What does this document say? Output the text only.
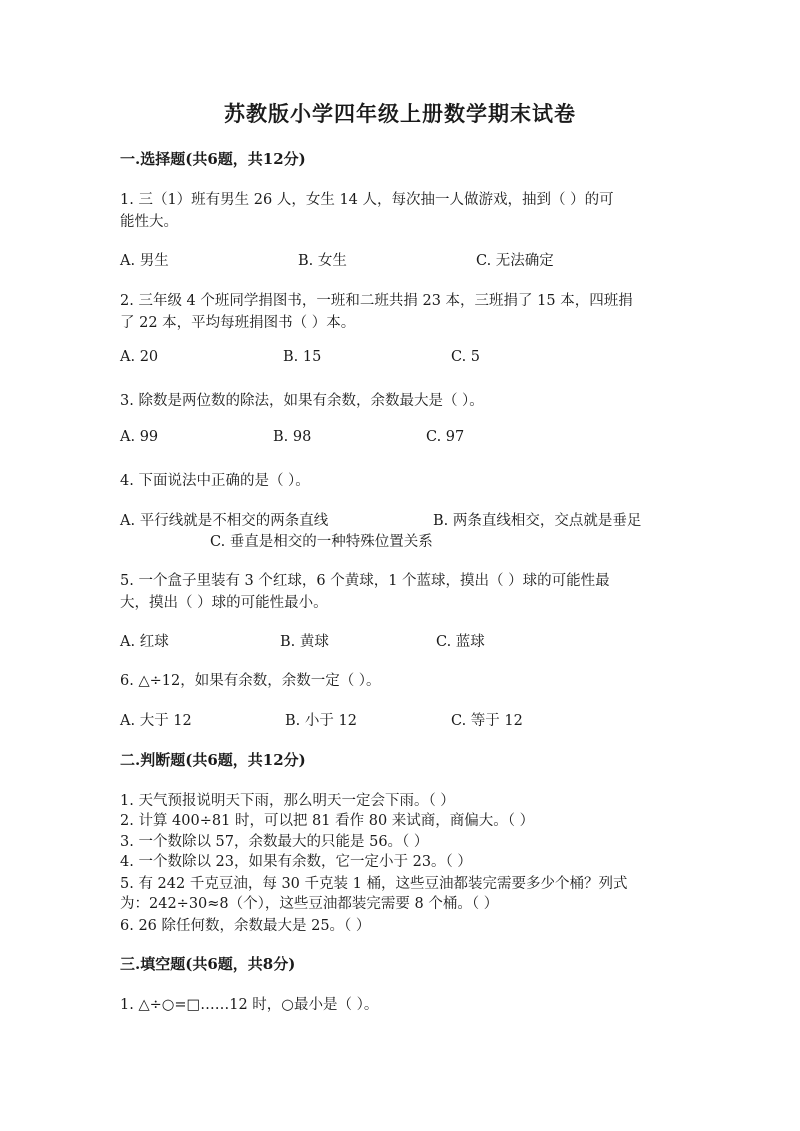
苏教版小学四年级上册数学期末试卷
一.选择题(共6题，共12分)
1. 三（1）班有男生 26 人，女生 14 人，每次抽一人做游戏，抽到（ ）的可
能性大。
A. 男生	B. 女生	C. 无法确定
2. 三年级 4 个班同学捐图书，一班和二班共捐 23 本，三班捐了 15 本，四班捐
了 22 本，平均每班捐图书（ ）本。
A. 20	B. 15	C. 5
3. 除数是两位数的除法，如果有余数，余数最大是（ ）。
A. 99	B. 98	C. 97
4. 下面说法中正确的是（ ）。
A. 平行线就是不相交的两条直线	B. 两条直线相交，交点就是垂足
C. 垂直是相交的一种特殊位置关系
5. 一个盒子里装有 3 个红球，6 个黄球，1 个蓝球，摸出（ ）球的可能性最
大，摸出（ ）球的可能性最小。
A. 红球	B. 黄球	C. 蓝球
6. △÷12，如果有余数，余数一定（ ）。
A. 大于 12	B. 小于 12	C. 等于 12
二.判断题(共6题，共12分)
1. 天气预报说明天下雨，那么明天一定会下雨。（ ）
2. 计算 400÷81 时，可以把 81 看作 80 来试商，商偏大。（ ）
3. 一个数除以 57，余数最大的只能是 56。（ ）
4. 一个数除以 23，如果有余数，它一定小于 23。（ ）
5. 有 242 千克豆油，每 30 千克装 1 桶，这些豆油都装完需要多少个桶？列式
为：242÷30≈8（个），这些豆油都装完需要 8 个桶。（ ）
6. 26 除任何数，余数最大是 25。（ ）
三.填空题(共6题，共8分)
1. △÷○=□……12 时，○最小是（ ）。
